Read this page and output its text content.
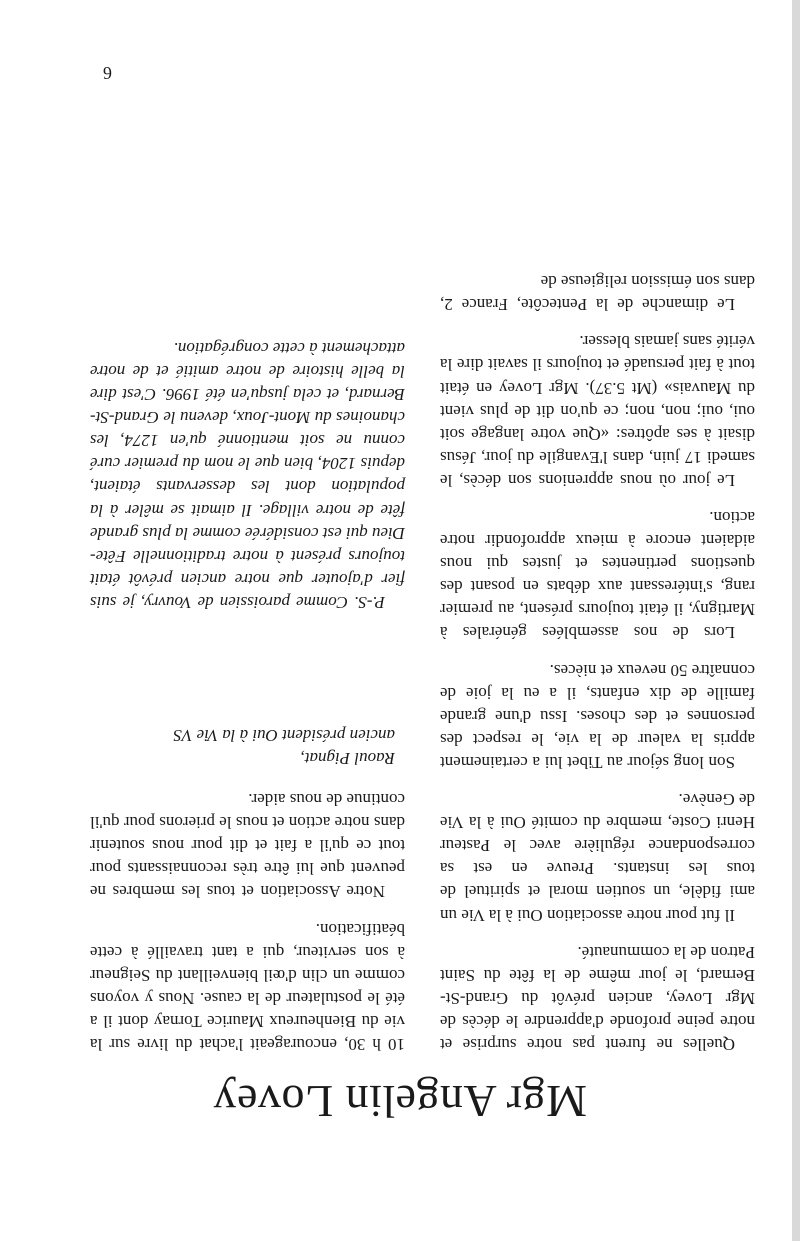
Mgr Angelin Lovey

Quelles ne furent pas notre surprise et notre peine profonde d'apprendre le décès de Mgr Lovey, ancien prévôt du Grand-St-Bernard, le jour même de la fête du Saint Patron de la communauté.

Il fut pour notre association Oui à la Vie un ami fidèle, un soutien moral et spirituel de tous les instants. Preuve en est sa correspondance régulière avec le Pasteur Henri Coste, membre du comité Oui à la Vie de Genève.

Son long séjour au Tibet lui a certainement appris la valeur de la vie, le respect des personnes et des choses. Issu d'une grande famille de dix enfants, il a eu la joie de connaître 50 neveux et nièces.

Lors de nos assemblées générales à Martigny, il était toujours présent, au premier rang, s'intéressant aux débats en posant des questions pertinentes et justes qui nous aidaient encore à mieux approfondir notre action.

Le jour où nous apprenions son décès, le samedi 17 juin, dans l'Evangile du jour, Jésus disait à ses apôtres: «Que votre langage soit oui, oui; non, non; ce qu'on dit de plus vient du Mauvais» (Mt 5.37). Mgr Lovey en était tout à fait persuadé et toujours il savait dire la vérité sans jamais blesser.

Le dimanche de la Pentecôte, France 2, dans son émission religieuse de

10 h 30, encourageait l'achat du livre sur la vie du Bienheureux Maurice Tornay dont il a été le postulateur de la cause. Nous y voyons comme un clin d'œil bienveillant du Seigneur à son serviteur, qui a tant travaillé à cette béatification.

Notre Association et tous les membres ne peuvent que lui être très reconnaissants pour tout ce qu'il a fait et dit pour nous soutenir dans notre action et nous le prierons pour qu'il continue de nous aider.

Raoul Pignat,
ancien président Oui à la Vie VS

P.-S. Comme paroissien de Vouvry, je suis fier d'ajouter que notre ancien prévôt était toujours présent à notre traditionnelle Fête-Dieu qui est considérée comme la plus grande fête de notre village. Il aimait se mêler à la population dont les desservants étaient, depuis 1204, bien que le nom du premier curé connu ne soit mentionné qu'en 1274, les chanoines du Mont-Joux, devenu le Grand-St-Bernard, et cela jusqu'en été 1996. C'est dire la belle histoire de notre amitié et de notre attachement à cette congrégation.

6
